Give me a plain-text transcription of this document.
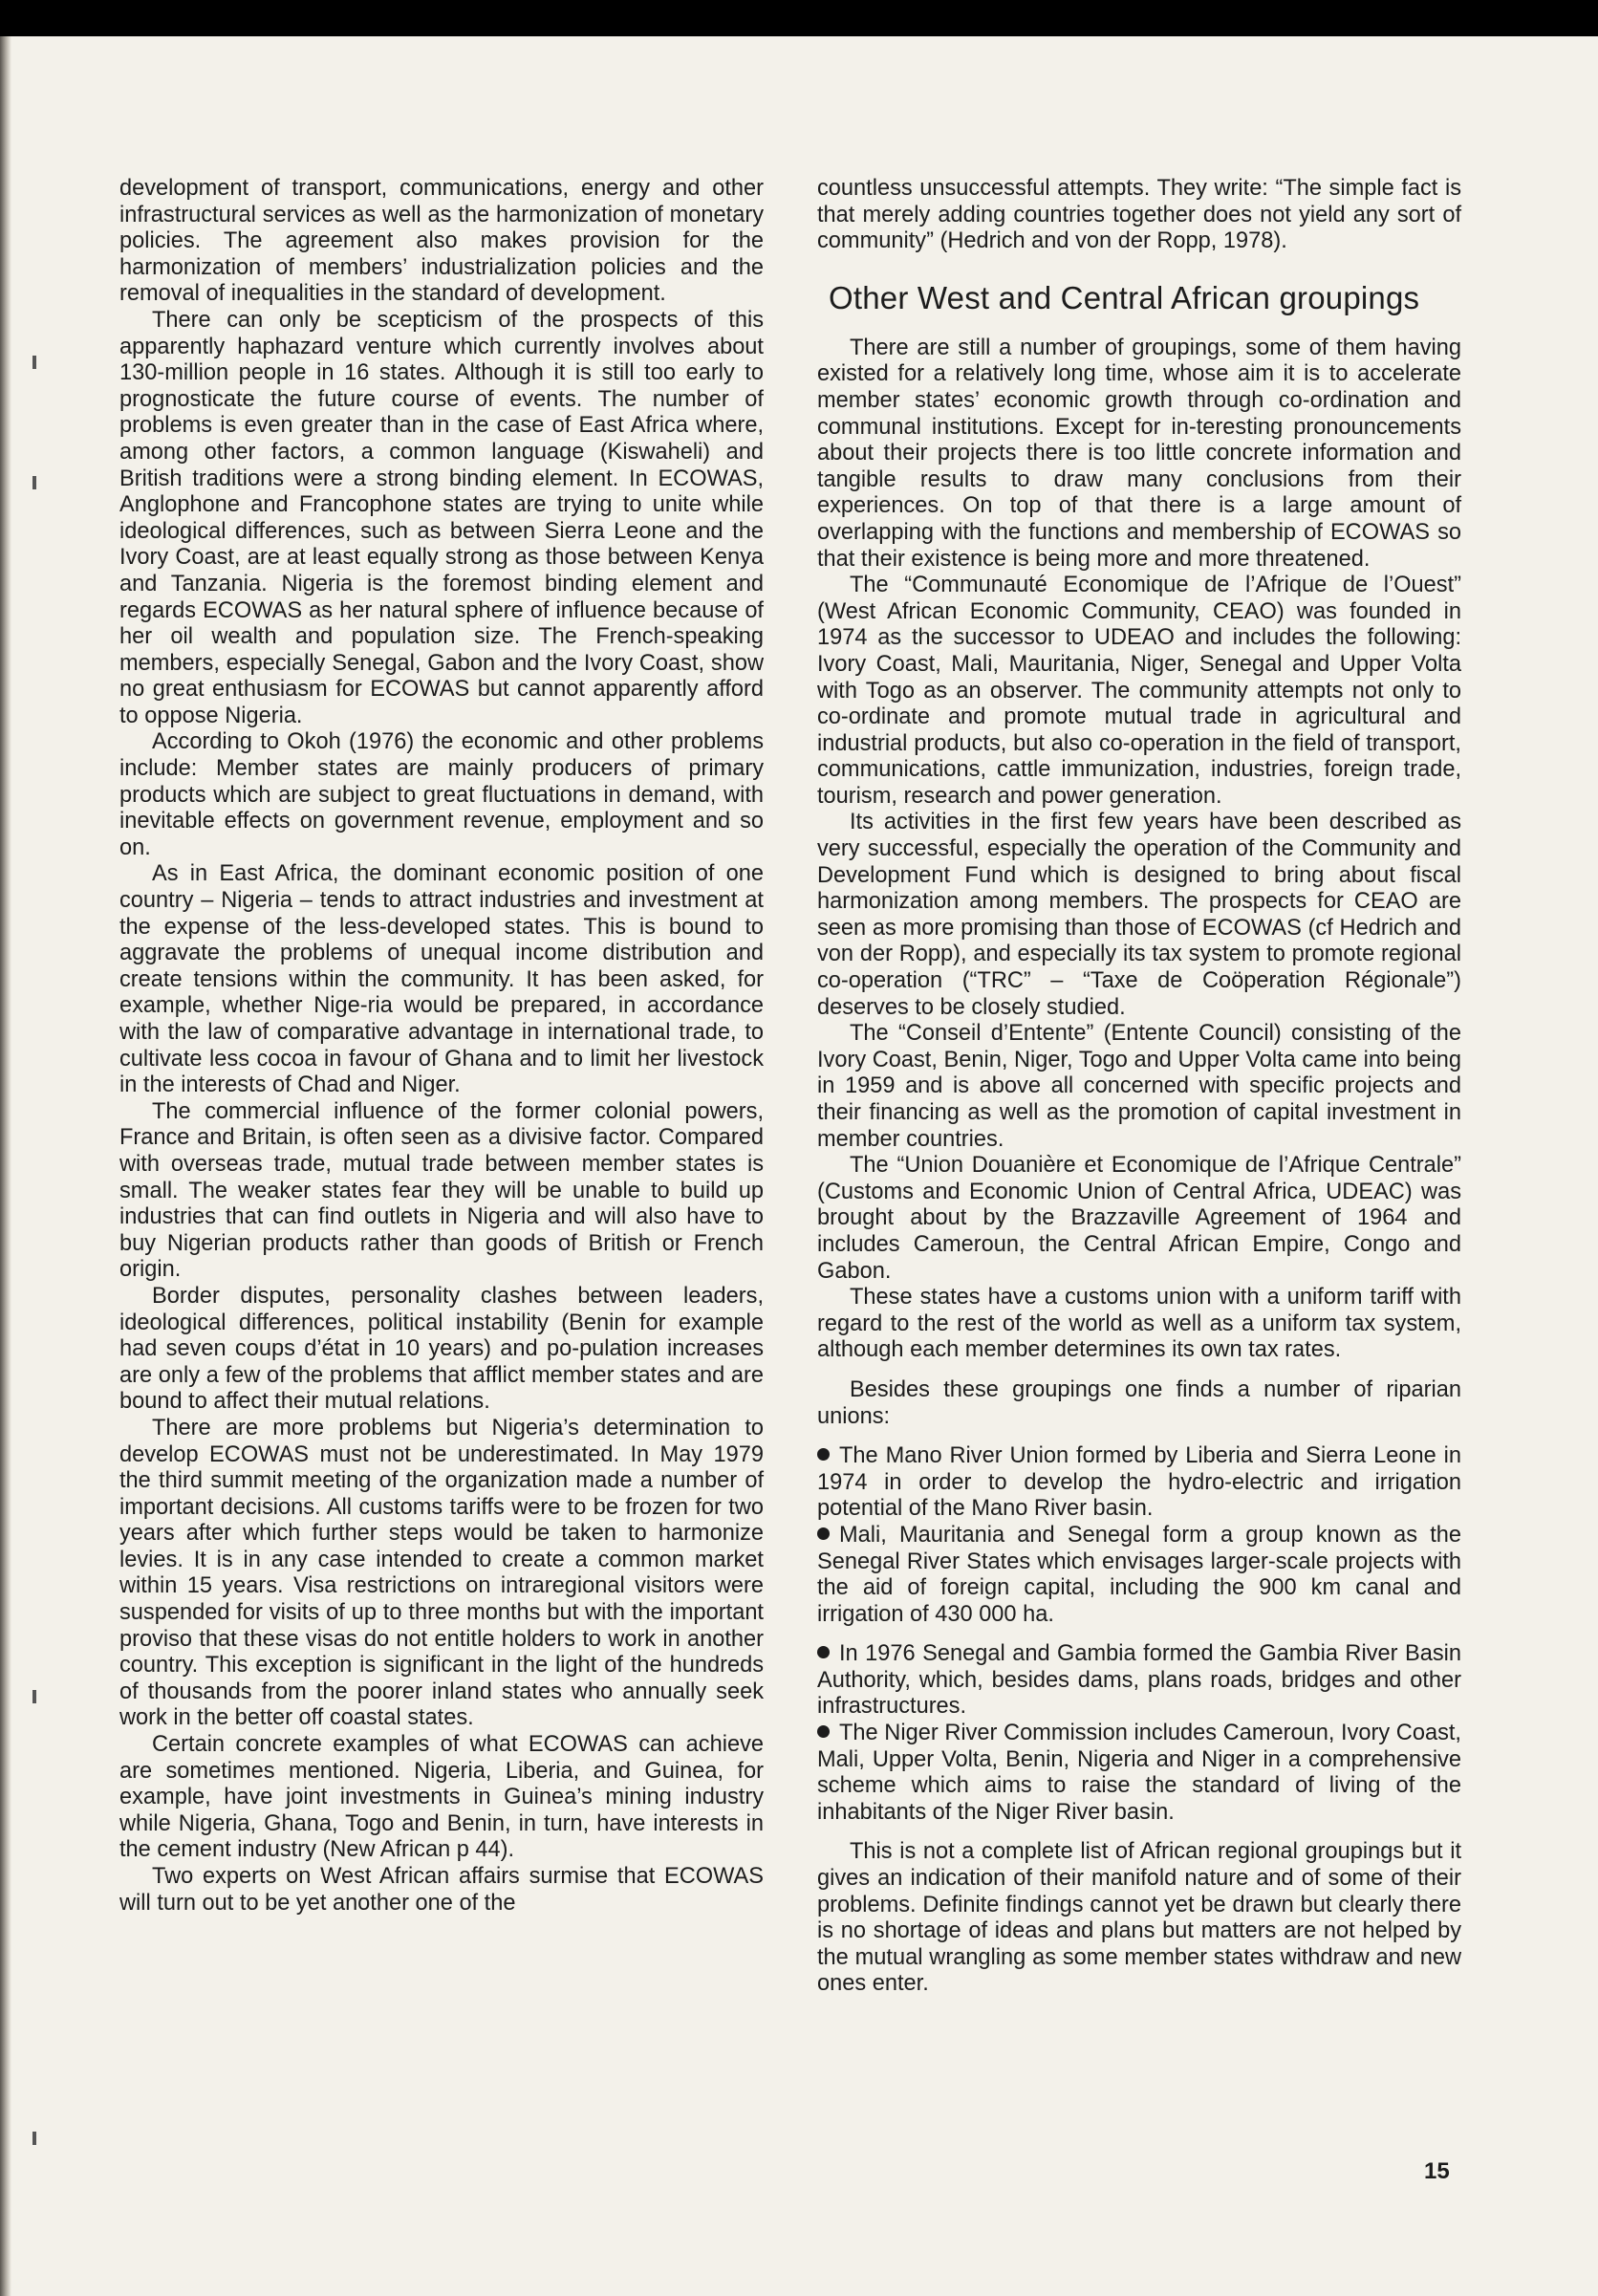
development of transport, communications, energy and other infrastructural services as well as the harmonization of monetary policies. The agreement also makes provision for the harmonization of members’ industrialization policies and the removal of inequalities in the standard of development.

There can only be scepticism of the prospects of this apparently haphazard venture which currently involves about 130-million people in 16 states. Although it is still too early to prognosticate the future course of events. The number of problems is even greater than in the case of East Africa where, among other factors, a common language (Kiswaheli) and British traditions were a strong binding element. In ECOWAS, Anglophone and Francophone states are trying to unite while ideological differences, such as between Sierra Leone and the Ivory Coast, are at least equally strong as those between Kenya and Tanzania. Nigeria is the foremost binding element and regards ECOWAS as her natural sphere of influence because of her oil wealth and population size. The French-speaking members, especially Senegal, Gabon and the Ivory Coast, show no great enthusiasm for ECOWAS but cannot apparently afford to oppose Nigeria.

According to Okoh (1976) the economic and other problems include: Member states are mainly producers of primary products which are subject to great fluctuations in demand, with inevitable effects on government revenue, employment and so on.

As in East Africa, the dominant economic position of one country – Nigeria – tends to attract industries and investment at the expense of the less-developed states. This is bound to aggravate the problems of unequal income distribution and create tensions within the community. It has been asked, for example, whether Nige-ria would be prepared, in accordance with the law of comparative advantage in international trade, to cultivate less cocoa in favour of Ghana and to limit her livestock in the interests of Chad and Niger.

The commercial influence of the former colonial powers, France and Britain, is often seen as a divisive factor. Compared with overseas trade, mutual trade between member states is small. The weaker states fear they will be unable to build up industries that can find outlets in Nigeria and will also have to buy Nigerian products rather than goods of British or French origin.

Border disputes, personality clashes between leaders, ideological differences, political instability (Benin for example had seven coups d’état in 10 years) and po-pulation increases are only a few of the problems that afflict member states and are bound to affect their mutual relations.

There are more problems but Nigeria’s determination to develop ECOWAS must not be underestimated. In May 1979 the third summit meeting of the organization made a number of important decisions. All customs tariffs were to be frozen for two years after which further steps would be taken to harmonize levies. It is in any case intended to create a common market within 15 years. Visa restrictions on intraregional visitors were suspended for visits of up to three months but with the important proviso that these visas do not entitle holders to work in another country. This exception is significant in the light of the hundreds of thousands from the poorer inland states who annually seek work in the better off coastal states.

Certain concrete examples of what ECOWAS can achieve are sometimes mentioned. Nigeria, Liberia, and Guinea, for example, have joint investments in Guinea’s mining industry while Nigeria, Ghana, Togo and Benin, in turn, have interests in the cement industry (New African p 44).

Two experts on West African affairs surmise that ECOWAS will turn out to be yet another one of the

countless unsuccessful attempts. They write: “The simple fact is that merely adding countries together does not yield any sort of community” (Hedrich and von der Ropp, 1978).

Other West and Central African groupings

There are still a number of groupings, some of them having existed for a relatively long time, whose aim it is to accelerate member states’ economic growth through co-ordination and communal institutions. Except for in-teresting pronouncements about their projects there is too little concrete information and tangible results to draw many conclusions from their experiences. On top of that there is a large amount of overlapping with the functions and membership of ECOWAS so that their existence is being more and more threatened.

The “Communauté Economique de l’Afrique de l’Ouest” (West African Economic Community, CEAO) was founded in 1974 as the successor to UDEAO and includes the following: Ivory Coast, Mali, Mauritania, Niger, Senegal and Upper Volta with Togo as an observer. The community attempts not only to co-ordinate and promote mutual trade in agricultural and industrial products, but also co-operation in the field of transport, communications, cattle immunization, industries, foreign trade, tourism, research and power generation.

Its activities in the first few years have been described as very successful, especially the operation of the Community and Development Fund which is designed to bring about fiscal harmonization among members. The prospects for CEAO are seen as more promising than those of ECOWAS (cf Hedrich and von der Ropp), and especially its tax system to promote regional co-operation (“TRC” – “Taxe de Coöperation Régionale”) deserves to be closely studied.

The “Conseil d’Entente” (Entente Council) consisting of the Ivory Coast, Benin, Niger, Togo and Upper Volta came into being in 1959 and is above all concerned with specific projects and their financing as well as the promotion of capital investment in member countries.

The “Union Douanière et Economique de l’Afrique Centrale” (Customs and Economic Union of Central Africa, UDEAC) was brought about by the Brazzaville Agreement of 1964 and includes Cameroun, the Central African Empire, Congo and Gabon.

These states have a customs union with a uniform tariff with regard to the rest of the world as well as a uniform tax system, although each member determines its own tax rates.

Besides these groupings one finds a number of riparian unions:

The Mano River Union formed by Liberia and Sierra Leone in 1974 in order to develop the hydro-electric and irrigation potential of the Mano River basin.

Mali, Mauritania and Senegal form a group known as the Senegal River States which envisages larger-scale projects with the aid of foreign capital, including the 900 km canal and irrigation of 430 000 ha.

In 1976 Senegal and Gambia formed the Gambia River Basin Authority, which, besides dams, plans roads, bridges and other infrastructures.

The Niger River Commission includes Cameroun, Ivory Coast, Mali, Upper Volta, Benin, Nigeria and Niger in a comprehensive scheme which aims to raise the standard of living of the inhabitants of the Niger River basin.

This is not a complete list of African regional groupings but it gives an indication of their manifold nature and of some of their problems. Definite findings cannot yet be drawn but clearly there is no shortage of ideas and plans but matters are not helped by the mutual wrangling as some member states withdraw and new ones enter.

15
